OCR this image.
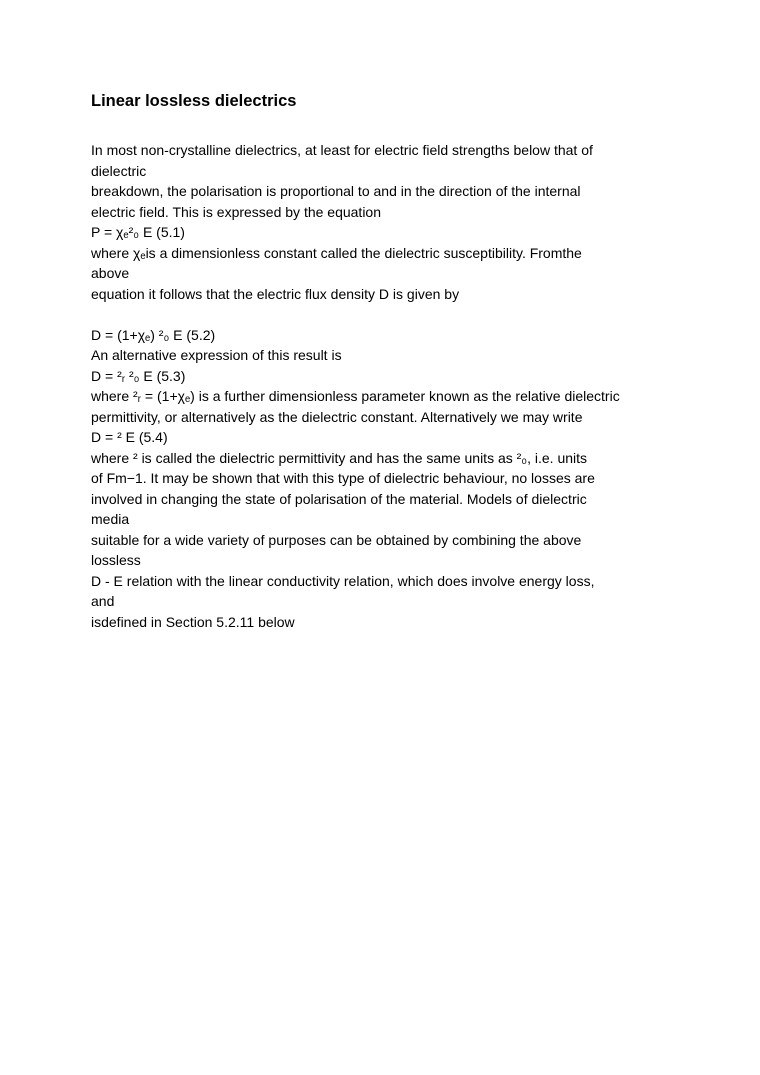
Linear lossless dielectrics
In most non-crystalline dielectrics, at least for electric field strengths below that of
dielectric
breakdown, the polarisation is proportional to and in the direction of the internal
electric field. This is expressed by the equation
P = χₑ²₀ E (5.1)
where χₑis a dimensionless constant called the dielectric susceptibility. Fromthe
above
equation it follows that the electric flux density D is given by
D = (1+χₑ) ²₀ E (5.2)
An alternative expression of this result is
D = ²ᵣ ²₀ E (5.3)
where ²ᵣ = (1+χₑ) is a further dimensionless parameter known as the relative dielectric
permittivity, or alternatively as the dielectric constant. Alternatively we may write
D = ² E (5.4)
where ² is called the dielectric permittivity and has the same units as ²₀, i.e. units
of Fm−1. It may be shown that with this type of dielectric behaviour, no losses are
involved in changing the state of polarisation of the material. Models of dielectric
media
suitable for a wide variety of purposes can be obtained by combining the above
lossless
D - E relation with the linear conductivity relation, which does involve energy loss,
and
isdefined in Section 5.2.11 below
